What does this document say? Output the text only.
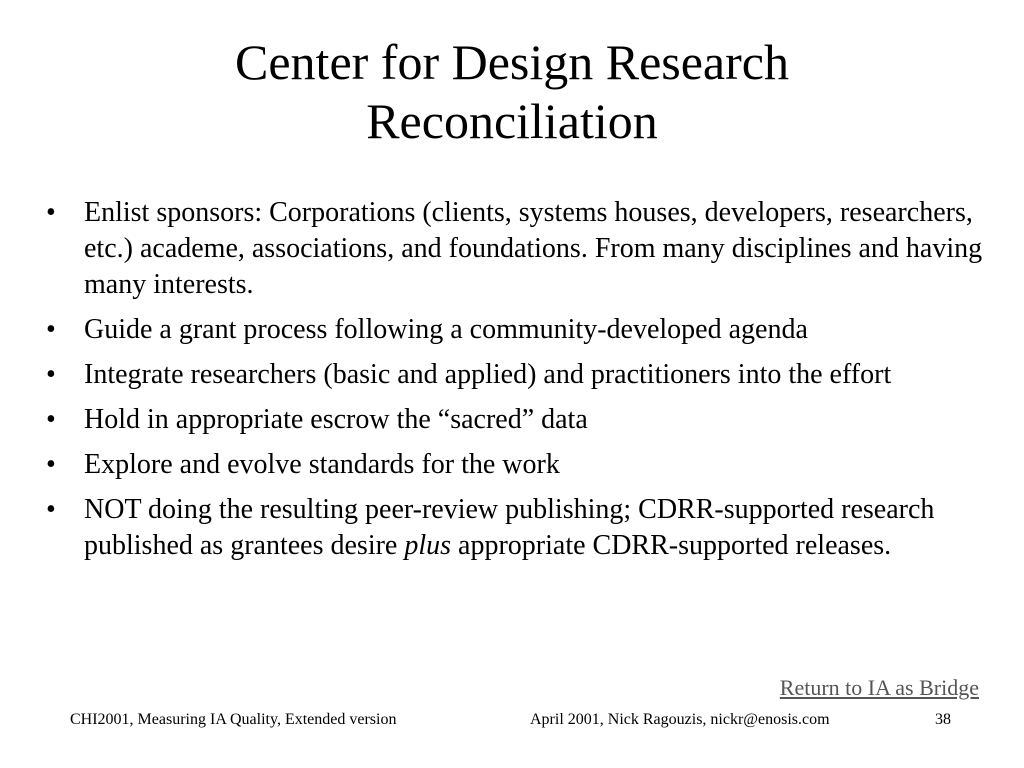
Center for Design Research
Reconciliation
• Enlist sponsors: Corporations (clients, systems houses, developers, researchers, etc.) academe, associations, and foundations. From many disciplines and having many interests.
• Guide a grant process following a community-developed agenda
• Integrate researchers (basic and applied) and practitioners into the effort
• Hold in appropriate escrow the “sacred” data
• Explore and evolve standards for the work
• NOT doing the resulting peer-review publishing; CDRR-supported research published as grantees desire plus appropriate CDRR-supported releases.
Return to IA as Bridge
CHI2001, Measuring IA Quality, Extended version	April 2001, Nick Ragouzis, nickr@enosis.com	38
